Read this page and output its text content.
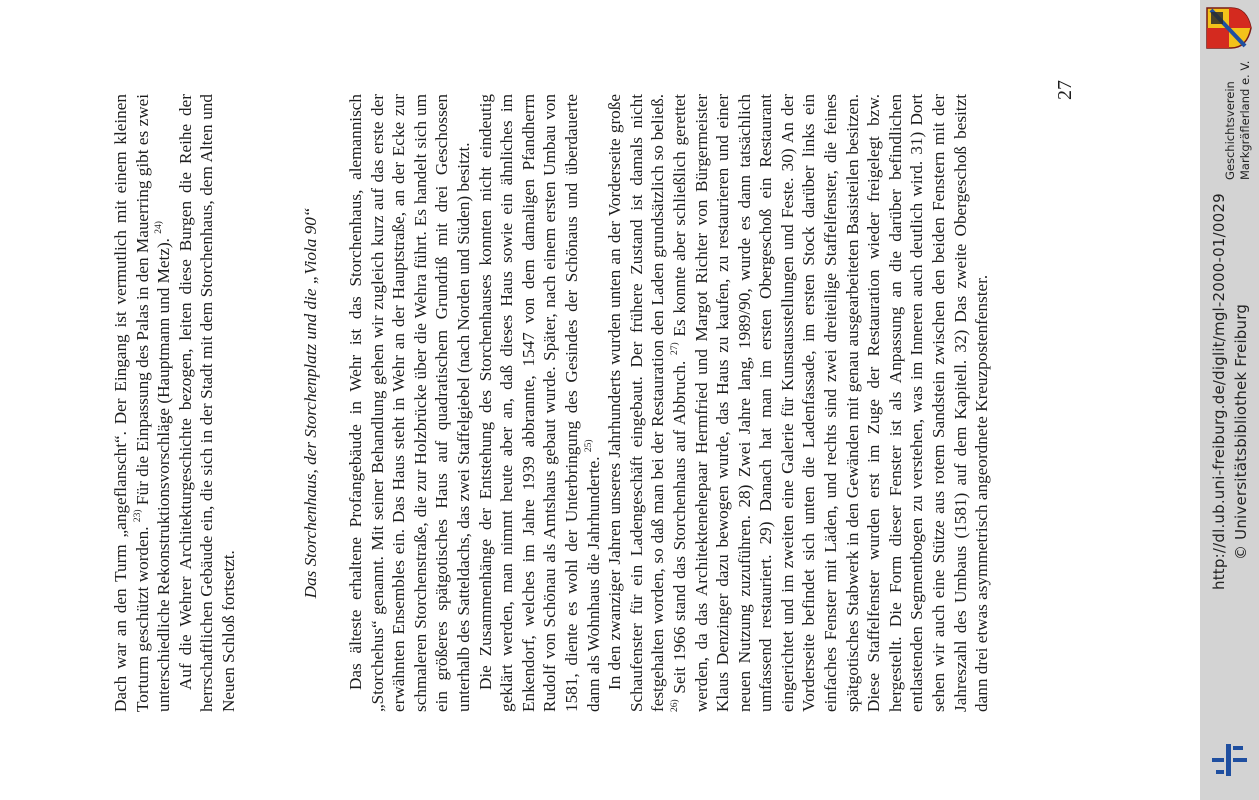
Dach war an den Turm „angeflanscht“. Der Eingang ist vermutlich mit einem kleinen Torturm geschützt worden. $^{23)}$ Für die Einpassung des Palas in den Mauerring gibt es zwei unterschiedliche Rekonstruktionsvorschläge (Hauptmann und Metz). $^{24)}$ Auf die Wehrer Architekturgeschichte bezogen, leiten diese Burgen die Reihe der herrschaftlichen Gebäude ein, die sich in der Stadt mit dem Storchenhaus, dem Alten und Neuen Schloß fortsetzt.

Das Storchenhaus, der Storchenplatz und die „Viola 90“ Das älteste erhaltene Profangebäude in Wehr ist das Storchenhaus, alemannisch „Storchehus“ genannt. Mit seiner Behandlung gehen wir zugleich kurz auf das erste der erwähnten Ensembles ein. Das Haus steht in Wehr an der Hauptstraße, an der Ecke zur schmaleren Storchenstraße, die zur Holzbrücke über die Wehra führt. Es handelt sich um ein größeres spätgotisches Haus auf quadratischem Grundriß mit drei Geschossen unterhalb des Satteldachs, das zwei Staffelgiebel (nach Norden und Süden) besitzt. Die Zusammenhänge der Entstehung des Storchenhauses konnten nicht eindeutig geklärt werden, man nimmt heute aber an, daß dieses Haus sowie ein ähnliches im Enkendorf, welches im Jahre 1939 abbrannte, 1547 von dem damaligen Pfandherrn Rudolf von Schönau als Amtshaus gebaut wurde. Später, nach einem ersten Umbau von 1581, diente es wohl der Unterbringung des Gesindes der Schönaus und überdauerte dann als Wohnhaus die Jahrhunderte. $^{25)}$ In den zwanziger Jahren unseres Jahrhunderts wurden unten an der Vorderseite große Schaufenster für ein Ladengeschäft eingebaut. Der frühere Zustand ist damals nicht festgehalten worden, so daß man bei der Restauration den Laden grundsätzlich so beließ. $^{26)}$ Seit 1966 stand das Storchenhaus auf Abbruch. $^{27)}$ Es konnte aber schließlich gerettet werden, da das Architektenehepaar Hermfried und Margot Richter von Bürgermeister Klaus Denzinger dazu bewogen wurde, das Haus zu kaufen, zu restaurieren und einer neuen Nutzung zuzuführen. 28) Zwei Jahre lang, 1989/90, wurde es dann tatsächlich umfassend restauriert. 29) Danach hat man im ersten Obergeschoß ein Restaurant eingerichtet und im zweiten eine Galerie für Kunstausstellungen und Feste. 30) An der Vorderseite befindet sich unten die Ladenfassade, im ersten Stock darüber links ein einfaches Fenster mit Läden, und rechts sind zwei dreiteilige Staffelfenster, die feines spätgotisches Stabwerk in den Gewänden mit genau ausgearbeiteten Basisteilen besitzen. Diese Staffelfenster wurden erst im Zuge der Restauration wieder freigelegt bzw. hergestellt. Die Form dieser Fenster ist als Anpassung an die darüber befindlichen entlastenden Segmentbogen zu verstehen, was im Inneren auch deutlich wird. 31) Dort sehen wir auch eine Stütze aus rotem Sandstein zwischen den beiden Fenstern mit der Jahreszahl des Umbaus (1581) auf dem Kapitell. 32) Das zweite Obergeschoß besitzt dann drei etwas asymmetrisch angeordnete Kreuzpostenfenster.

27
http://dl.ub.uni-freiburg.de/diglit/mgl-2000-01/0029 © Universitätsbibliothek Freiburg
Geschichtsverein Markgräflerland e. V.
